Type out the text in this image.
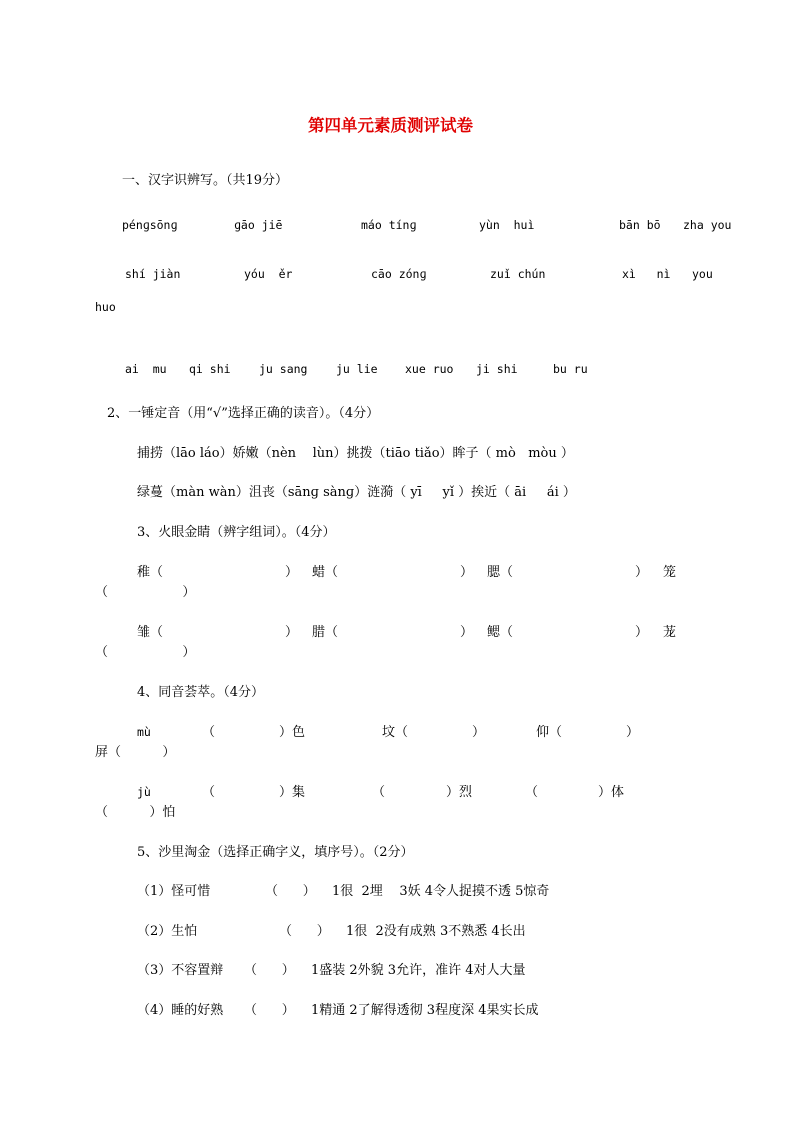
第四单元素质测评试卷
一、汉字识辨写。（共19分）
pénɡsōnɡ	ɡāo jiē	máo tínɡ	yùn  huì	bān bō zha you
shí jiàn	yóu  ěr	cāo zónɡ	zuǐ chún	xì   nì you
huo
ai  mu qi shi ju sang ju lie xue ruo ji shi	bu ru
2、一锤定音（用“√”选择正确的读音）。（4分）
捕捞（lāo láo）娇嫩（nèn    lùn）挑拨（tiāo tiǎo）眸子（ mò   mòu ）
绿蔓（màn wàn）沮丧（sānɡ sànɡ）涟漪（ yī     yǐ ）挨近（ āi     ái ）
3、火眼金睛（辨字组词）。（4分）
稚（	） 蜡（	） 腮（	） 笼
（                  ）
雏（	） 腊（	） 鳃（	） 茏
（                  ）
4、同音荟萃。（4分）
mù	（	）色	坟（	）	仰（	）
屏（          ）
jù	（	）集	（	）烈	（	）体
（          ）怕
5、沙里淘金（选择正确字义，填序号）。（2分）
（1）怪可惜	（      ） 1很  2埋    3妖 4令人捉摸不透 5惊奇
（2）生怕	（      ） 1很  2没有成熟 3不熟悉 4长出
（3）不容置辩 （      ） 1盛装 2外貌 3允许，准许 4对人大量
（4）睡的好熟 （      ） 1精通 2了解得透彻 3程度深 4果实长成
